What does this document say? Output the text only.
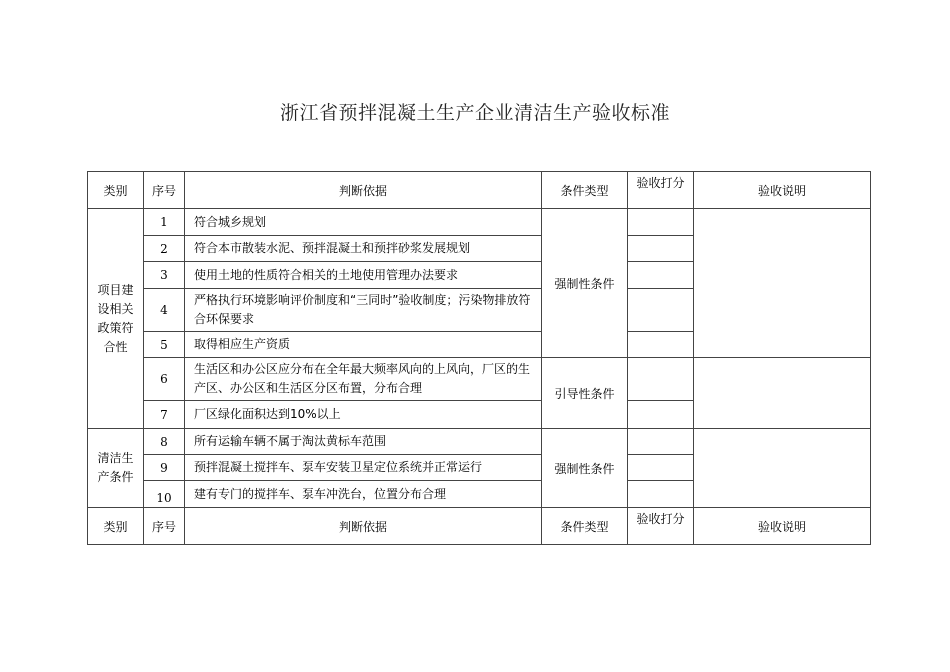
浙江省预拌混凝土生产企业清洁生产验收标准
类别	序号	判断依据	条件类型	验收打分	验收说明
项目建设相关政策符合性	1	符合城乡规划	强制性条件		
	2	符合本市散装水泥、预拌混凝土和预拌砂浆发展规划			
	3	使用土地的性质符合相关的土地使用管理办法要求			
	4	严格执行环境影响评价制度和“三同时”验收制度；污染物排放符合环保要求			
	5	取得相应生产资质			
	6	生活区和办公区应分布在全年最大频率风向的上风向，厂区的生产区、办公区和生活区分区布置，分布合理	引导性条件		
	7	厂区绿化面积达到10%以上			
清洁生产条件	8	所有运输车辆不属于淘汰黄标车范围	强制性条件		
	9	预拌混凝土搅拌车、泵车安装卫星定位系统并正常运行			
	10	建有专门的搅拌车、泵车冲洗台，位置分布合理			
类别	序号	判断依据	条件类型	验收打分	验收说明
